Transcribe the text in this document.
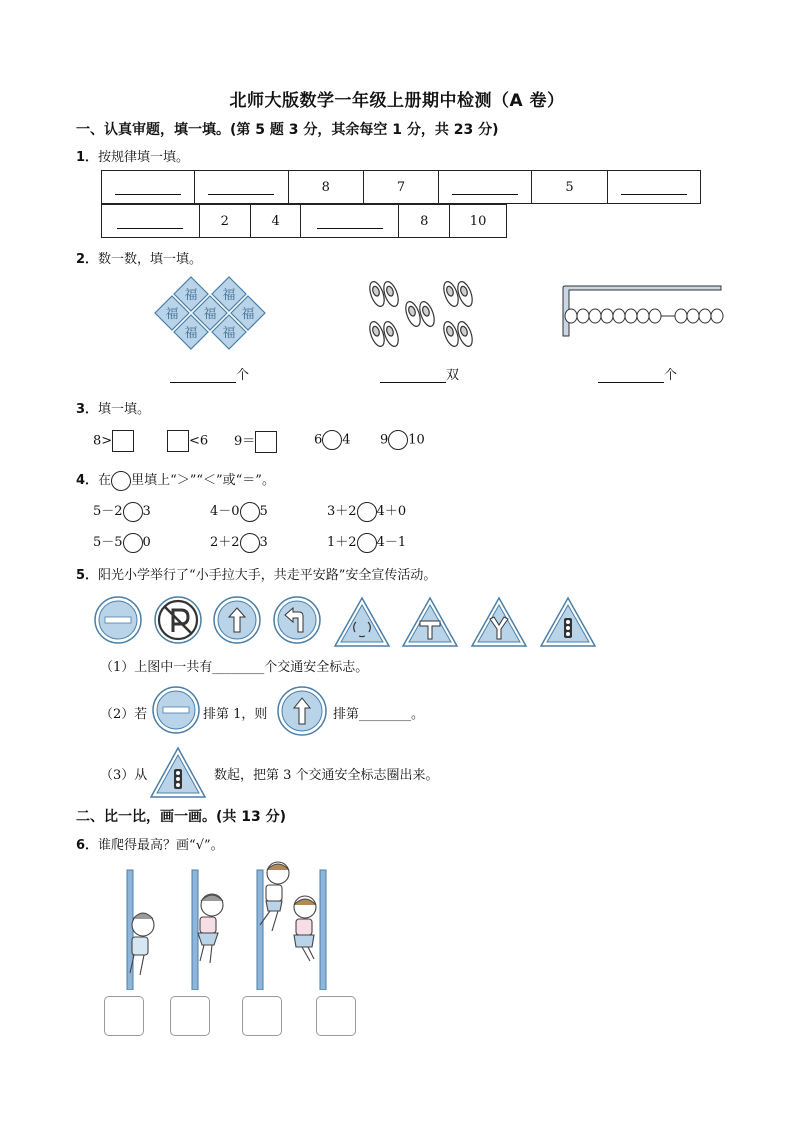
北师大版数学一年级上册期中检测（A 卷）
一、认真审题，填一填。(第 5 题 3 分，其余每空 1 分，共 23 分)
1．按规律填一填。
		8	7		5	
	2	4		8	10
2．数一数，填一填。
福 福
福 福 福
福 福
个	双	个
3．填一填。
8>	<6 9＝	6 4 9 10
4．在 里填上“＞”“＜”或“＝”。
5－2 3	4－0 5	3＋2 4＋0
5－5 0	2＋2 3	1＋2 4－1
5．阳光小学举行了“小手拉大手，共走平安路”安全宣传活动。
（1）上图中一共有________个交通安全标志。
（2）若	排第 1，则	排第________。
（3）从	数起，把第 3 个交通安全标志圈出来。
二、比一比，画一画。(共 13 分)
6．谁爬得最高？画“√”。
